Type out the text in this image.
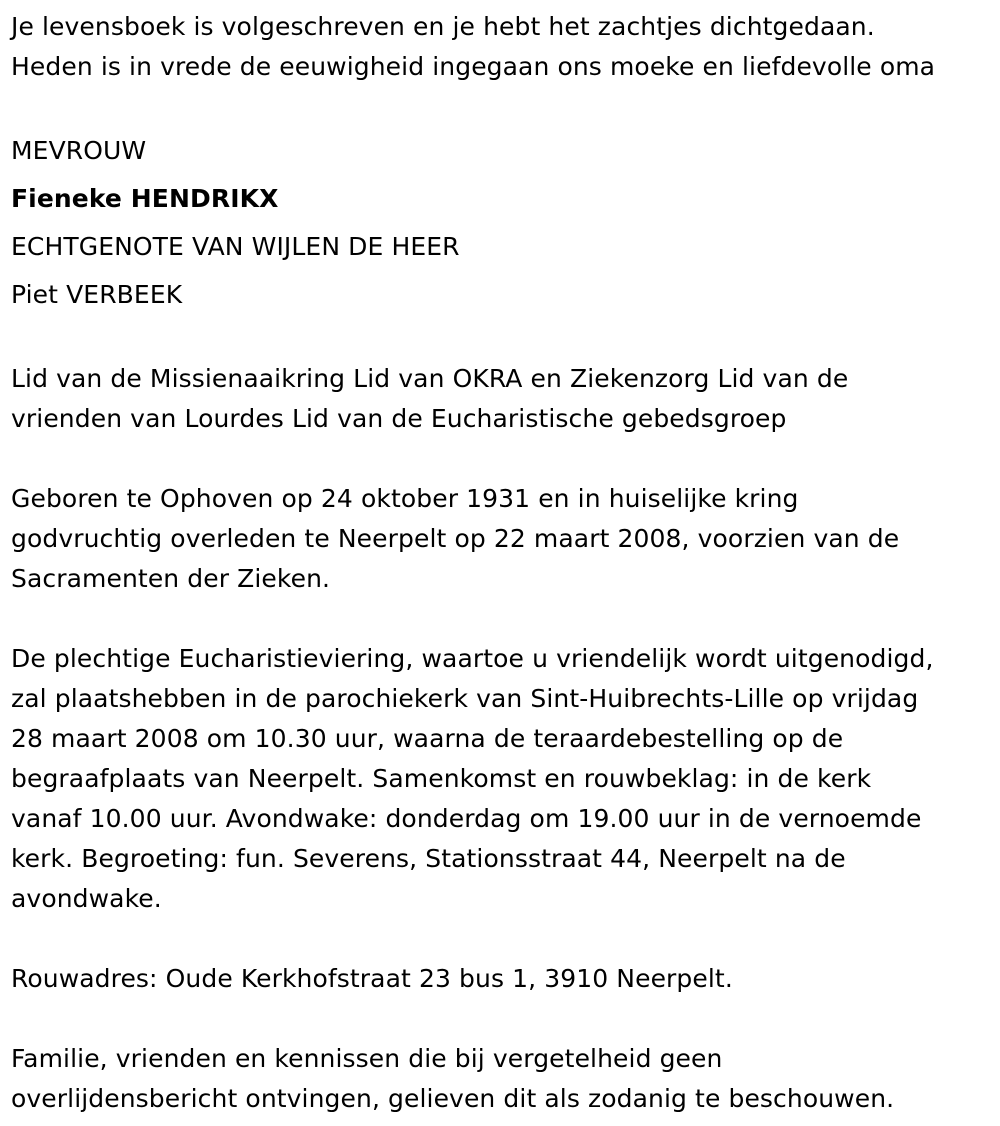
Je levensboek is volgeschreven en je hebt het zachtjes dichtgedaan.
Heden is in vrede de eeuwigheid ingegaan ons moeke en liefdevolle oma

MEVROUW
Fieneke HENDRIKX
ECHTGENOTE VAN WIJLEN DE HEER
Piet VERBEEK

Lid van de Missienaaikring Lid van OKRA en Ziekenzorg Lid van de
vrienden van Lourdes Lid van de Eucharistische gebedsgroep

Geboren te Ophoven op 24 oktober 1931 en in huiselijke kring
godvruchtig overleden te Neerpelt op 22 maart 2008, voorzien van de
Sacramenten der Zieken.

De plechtige Eucharistieviering, waartoe u vriendelijk wordt uitgenodigd,
zal plaatshebben in de parochiekerk van Sint-Huibrechts-Lille op vrijdag
28 maart 2008 om 10.30 uur, waarna de teraardebestelling op de
begraafplaats van Neerpelt. Samenkomst en rouwbeklag: in de kerk
vanaf 10.00 uur. Avondwake: donderdag om 19.00 uur in de vernoemde
kerk. Begroeting: fun. Severens, Stationsstraat 44, Neerpelt na de
avondwake.

Rouwadres: Oude Kerkhofstraat 23 bus 1, 3910 Neerpelt.

Familie, vrienden en kennissen die bij vergetelheid geen
overlijdensbericht ontvingen, gelieven dit als zodanig te beschouwen.
